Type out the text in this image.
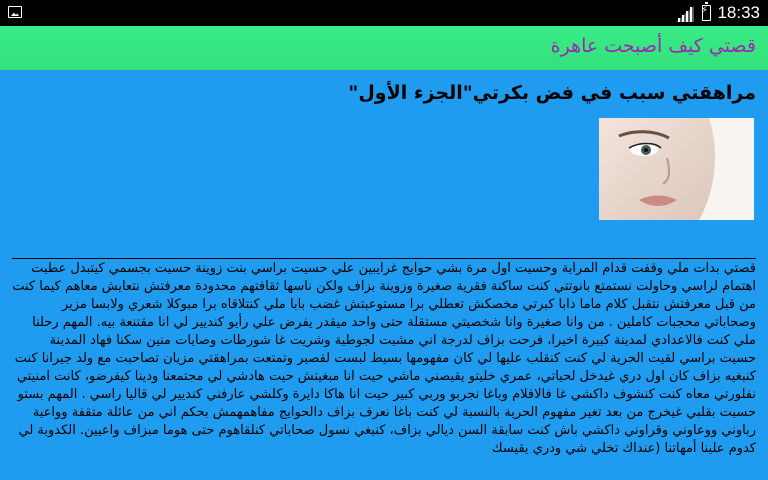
⚡
18:33
قصتي كيف أصبحت عاهرة
مراهقتي سبب في فض بكرتي"الجزء الأول"
قصتي بدات ملي وقفت قدام المراية وحسيت اول مرة بشي حوايج غرايبين علي حسيت براسي بنت زوينة حسيت بجسمي كيتبدل عطيت اهتمام لراسي وحاولت نستمتع بانوتتي كنت ساكنة فقرية صغيرة وزوينة بزاف ولكن ناسها ثقافتهم محدودة معرفتش نتعايش معاهم كيما كنت من قبل معرفتش نتقبل كلام ماما دابا كبرتي مخصكش تعطلي برا مستوعبتش غضب بابا ملي كنتلاقاه برا مبوكلا شعري ولابسا مزير وصحاباتي محجبات كاملين . من وانا صغيرة وانا شخصيتي مستقلة حتى واحد ميقدر يفرض علي رأيو كنديير لي انا مقتنعة بيه. المهم رحلنا ملي كنت فالاعدادي لمدينة كبيرة اخيرا، فرحت بزاف لدرجة اني مشيت لجوطية وشريت غا شورطات وصايات منين سكنا فهاد المدينة حسيت براسي لقيت الحرية لي كنت كنقلب عليها لي كان مفهومها بسيط لبست لقصير وتمتعت بمراهقتي مزيان تصاحبت مع ولد جيرانا كنت كنبغيه بزاف كان اول دري غيدخل لحياتي، عمري خليتو يقيصني ماشي حيت انا مبغيتش حيت هادشي لي مجتمعنا ودينا كيفرضو، كانت امنيتي نفلورتي معاه كنت كنشوف داكشي غا فالافلام وباغا نجربو وربي كبير حيت انا هاكا دايرة وكلشي عارفني كنديير لي قاليا راسي . المهم بستو حسيت بقلبي غيخرج من بعد تغير مفهوم الحرية بالنسبة لي كنت باغا نعرف بزاف دالحوايج مفاهمهمش بحكم اني من عائلة متقفة وواعية رباوني ووعاوني وقراوني داكشي باش كنت سابقة السن ديالي بزاف، كنبغي نسول صحاباتي كنلقاهوم حتى هوما مبزاف واعيين. الكدوبة لي كدوم علينا أمهاتنا (عنداك تخلي شي ودري يقيسك
